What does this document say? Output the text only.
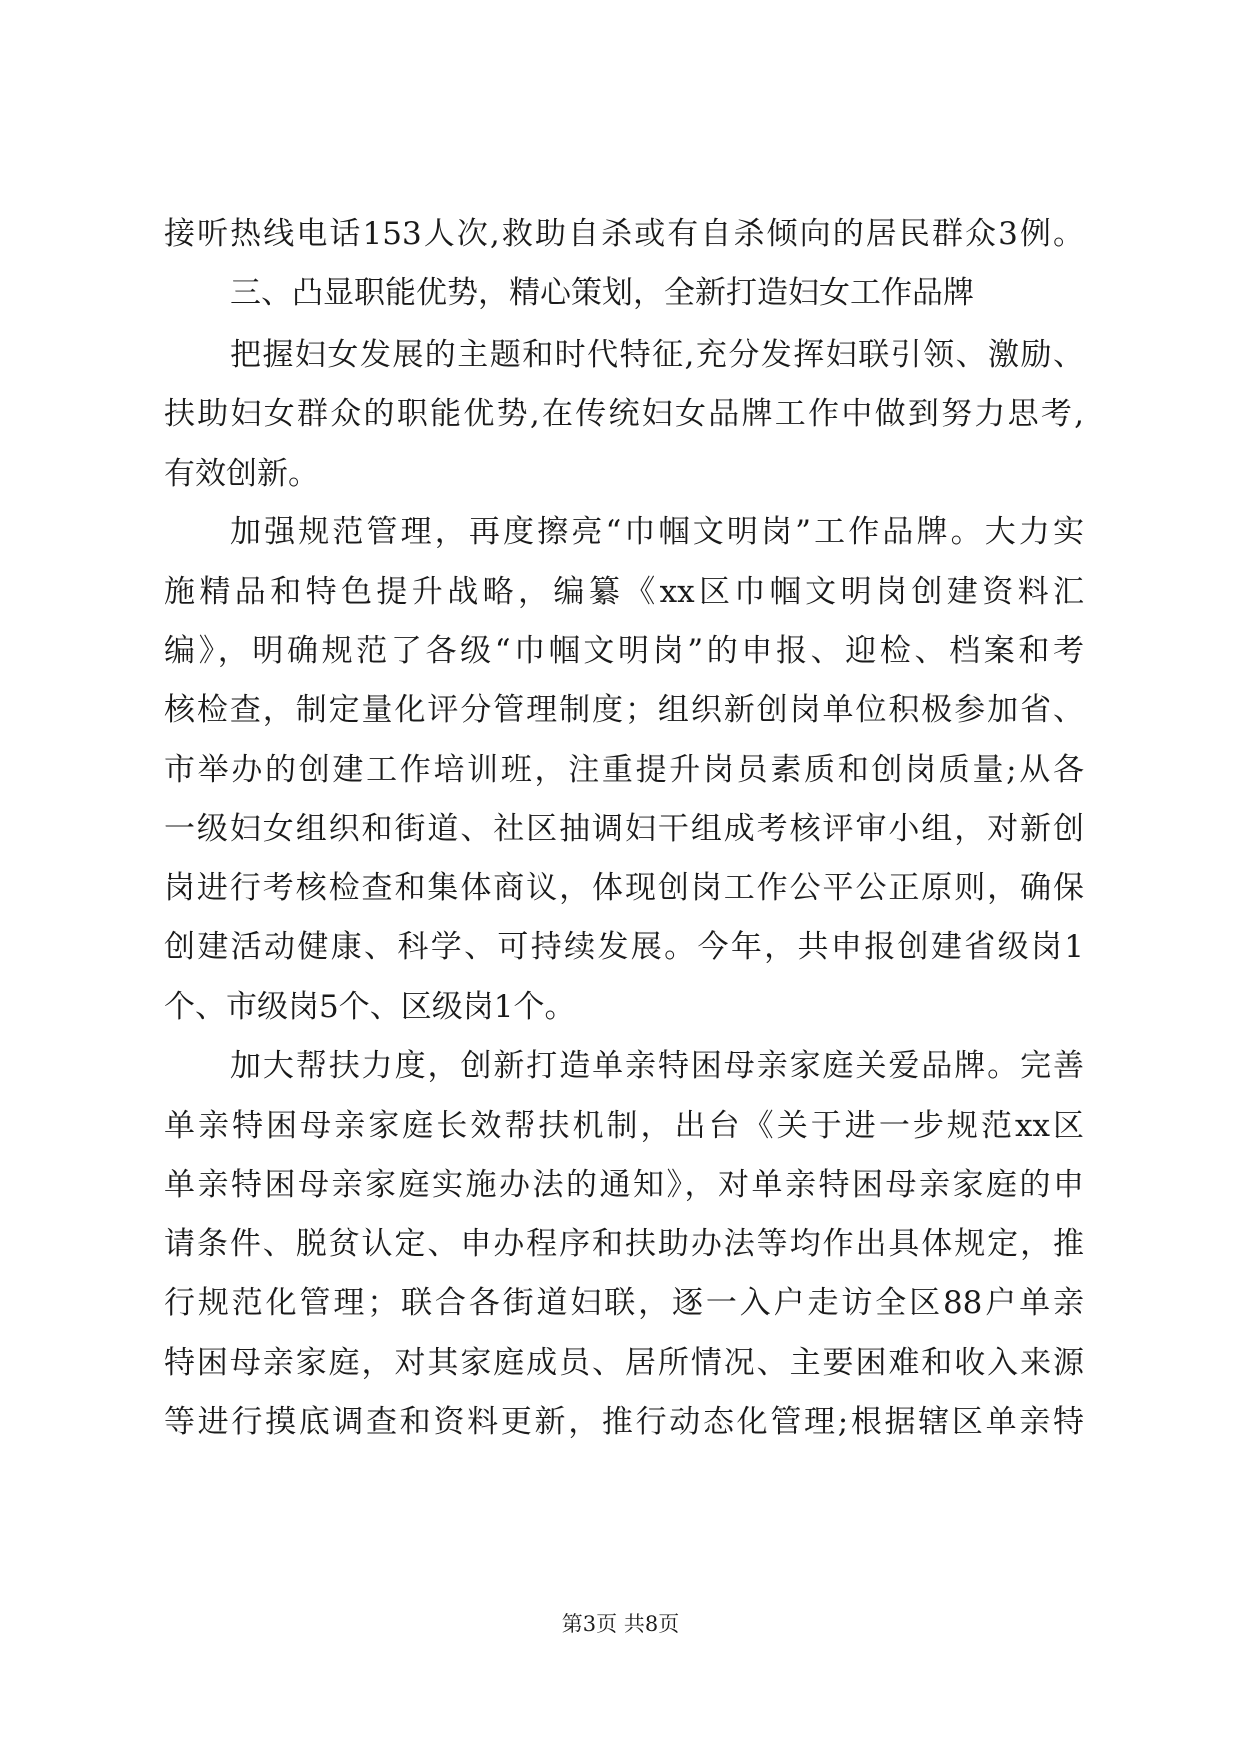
接听热线电话153人次,救助自杀或有自杀倾向的居民群众3例。
三、凸显职能优势，精心策划，全新打造妇女工作品牌
把握妇女发展的主题和时代特征,充分发挥妇联引领、激励、
扶助妇女群众的职能优势,在传统妇女品牌工作中做到努力思考,
有效创新。
加强规范管理，再度擦亮“巾帼文明岗”工作品牌。大力实
施精品和特色提升战略，编纂《xx区巾帼文明岗创建资料汇
编》，明确规范了各级“巾帼文明岗”的申报、迎检、档案和考
核检查，制定量化评分管理制度；组织新创岗单位积极参加省、
市举办的创建工作培训班，注重提升岗员素质和创岗质量;从各
一级妇女组织和街道、社区抽调妇干组成考核评审小组，对新创
岗进行考核检查和集体商议，体现创岗工作公平公正原则，确保
创建活动健康、科学、可持续发展。今年，共申报创建省级岗1
个、市级岗5个、区级岗1个。
加大帮扶力度，创新打造单亲特困母亲家庭关爱品牌。完善
单亲特困母亲家庭长效帮扶机制，出台《关于进一步规范xx区
单亲特困母亲家庭实施办法的通知》，对单亲特困母亲家庭的申
请条件、脱贫认定、申办程序和扶助办法等均作出具体规定，推
行规范化管理；联合各街道妇联，逐一入户走访全区88户单亲
特困母亲家庭，对其家庭成员、居所情况、主要困难和收入来源
等进行摸底调查和资料更新，推行动态化管理;根据辖区单亲特
第3页 共8页
